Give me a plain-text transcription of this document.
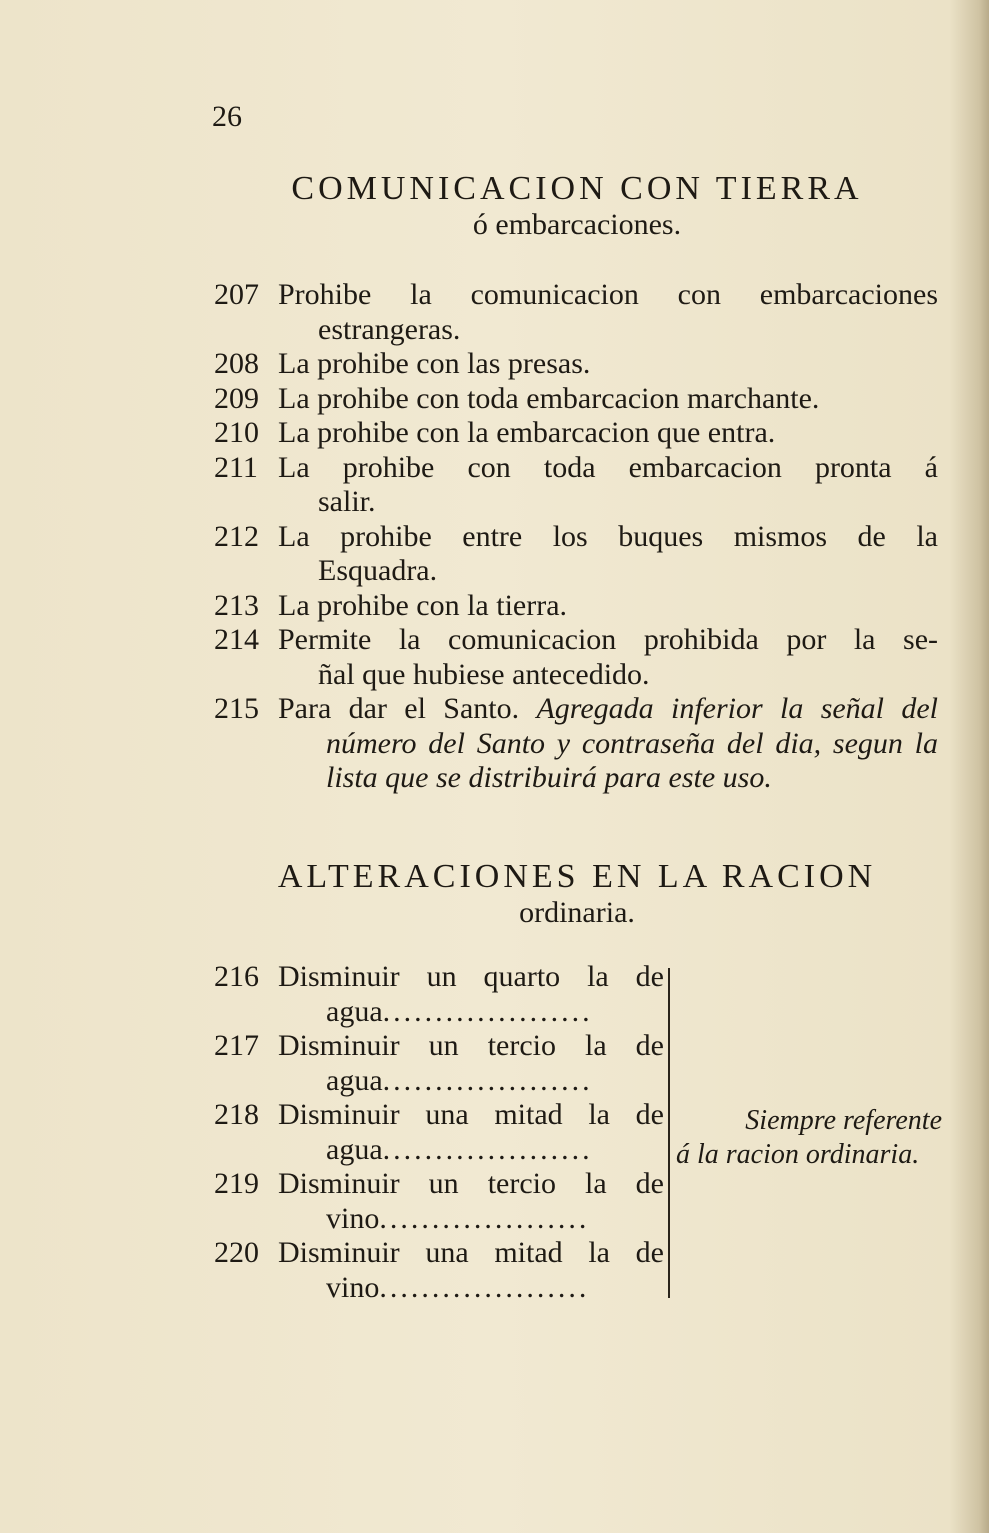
26
COMUNICACION CON TIERRA
ó embarcaciones.
207 Prohibe la comunicacion con embarcaciones
estrangeras.
208 La prohibe con las presas.
209 La prohibe con toda embarcacion marchante.
210 La prohibe con la embarcacion que entra.
211 La prohibe con toda embarcacion pronta á
salir.
212 La prohibe entre los buques mismos de la
Esquadra.
213 La prohibe con la tierra.
214 Permite la comunicacion prohibida por la se-
ñal que hubiese antecedido.
215 Para dar el Santo. Agregada inferior la señal del
número del Santo y contraseña del dia, segun la
lista que se distribuirá para este uso.
ALTERACIONES EN LA RACION
ordinaria.
216 Disminuir un quarto la de
agua ....................
217 Disminuir un tercio la de
agua ....................
218 Disminuir una mitad la de
agua ....................
219 Disminuir un tercio la de
vino ....................
220 Disminuir una mitad la de
vino ....................
Siempre referente
á la racion ordinaria.
